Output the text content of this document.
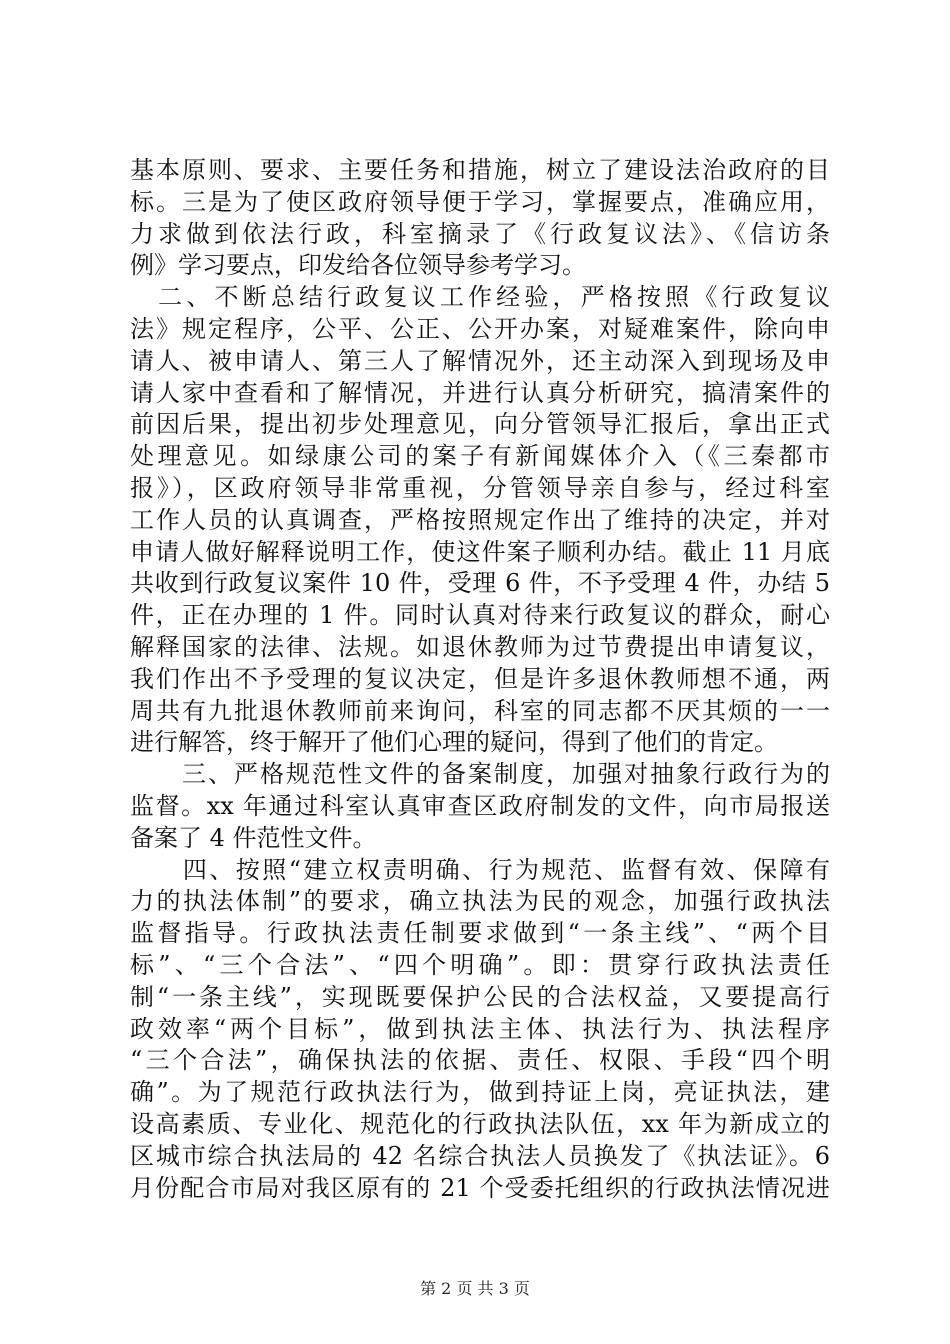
基本原则、要求、主要任务和措施，树立了建设法治政府的目
标。三是为了使区政府领导便于学习，掌握要点，准确应用，
力求做到依法行政，科室摘录了《行政复议法》、《信访条
例》学习要点，印发给各位领导参考学习。
　二、不断总结行政复议工作经验，严格按照《行政复议
法》规定程序，公平、公正、公开办案，对疑难案件，除向申
请人、被申请人、第三人了解情况外，还主动深入到现场及申
请人家中查看和了解情况，并进行认真分析研究，搞清案件的
前因后果，提出初步处理意见，向分管领导汇报后，拿出正式
处理意见。如绿康公司的案子有新闻媒体介入（《三秦都市
报》），区政府领导非常重视，分管领导亲自参与，经过科室
工作人员的认真调查，严格按照规定作出了维持的决定，并对
申请人做好解释说明工作，使这件案子顺利办结。截止 11 月底
共收到行政复议案件 10 件，受理 6 件，不予受理 4 件，办结 5
件，正在办理的 1 件。同时认真对待来行政复议的群众，耐心
解释国家的法律、法规。如退休教师为过节费提出申请复议，
我们作出不予受理的复议决定，但是许多退休教师想不通，两
周共有九批退休教师前来询问，科室的同志都不厌其烦的一一
进行解答，终于解开了他们心理的疑问，得到了他们的肯定。
　　三、严格规范性文件的备案制度，加强对抽象行政行为的
监督。xx 年通过科室认真审查区政府制发的文件，向市局报送
备案了 4 件范性文件。
　　四、按照“建立权责明确、行为规范、监督有效、保障有
力的执法体制”的要求，确立执法为民的观念，加强行政执法
监督指导。行政执法责任制要求做到“一条主线”、“两个目
标”、“三个合法”、“四个明确”。即：贯穿行政执法责任
制“一条主线”，实现既要保护公民的合法权益，又要提高行
政效率“两个目标”，做到执法主体、执法行为、执法程序
“三个合法”，确保执法的依据、责任、权限、手段“四个明
确”。为了规范行政执法行为，做到持证上岗，亮证执法，建
设高素质、专业化、规范化的行政执法队伍，xx 年为新成立的
区城市综合执法局的 42 名综合执法人员换发了《执法证》。6
月份配合市局对我区原有的 21 个受委托组织的行政执法情况进
第 2 页 共 3 页
